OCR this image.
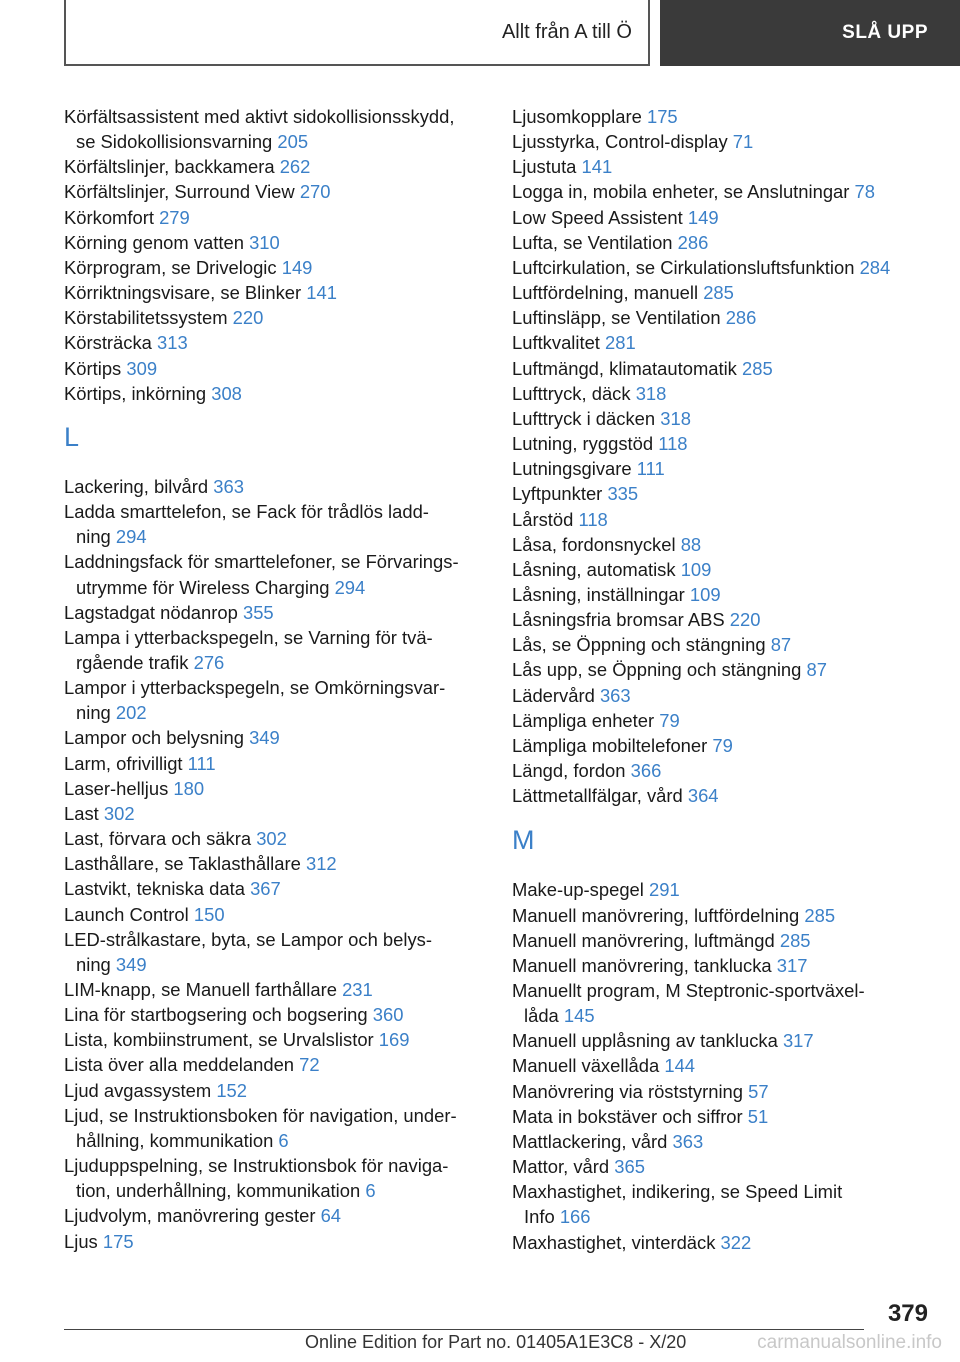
Allt från A till Ö	SLÅ UPP
Körfältsassistent med aktivt sidokollisionsskydd,
se Sidokollisionsvarning 205
Körfältslinjer, backkamera 262
Körfältslinjer, Surround View 270
Körkomfort 279
Körning genom vatten 310
Körprogram, se Drivelogic 149
Körriktningsvisare, se Blinker 141
Körstabilitetssystem 220
Körsträcka 313
Körtips 309
Körtips, inkörning 308
L
Lackering, bilvård 363
Ladda smarttelefon, se Fack för trådlös ladd-
ning 294
Laddningsfack för smarttelefoner, se Förvarings-
utrymme för Wireless Charging 294
Lagstadgat nödanrop 355
Lampa i ytterbackspegeln, se Varning för tvä-
rgående trafik 276
Lampor i ytterbackspegeln, se Omkörningsvar-
ning 202
Lampor och belysning 349
Larm, ofrivilligt 111
Laser-helljus 180
Last 302
Last, förvara och säkra 302
Lasthållare, se Taklasthållare 312
Lastvikt, tekniska data 367
Launch Control 150
LED-strålkastare, byta, se Lampor och belys-
ning 349
LIM-knapp, se Manuell farthållare 231
Lina för startbogsering och bogsering 360
Lista, kombiinstrument, se Urvalslistor 169
Lista över alla meddelanden 72
Ljud avgassystem 152
Ljud, se Instruktionsboken för navigation, under-
hållning, kommunikation 6
Ljuduppspelning, se Instruktionsbok för naviga-
tion, underhållning, kommunikation 6
Ljudvolym, manövrering gester 64
Ljus 175
Ljusomkopplare 175
Ljusstyrka, Control-display 71
Ljustuta 141
Logga in, mobila enheter, se Anslutningar 78
Low Speed Assistent 149
Lufta, se Ventilation 286
Luftcirkulation, se Cirkulationsluftsfunktion 284
Luftfördelning, manuell 285
Luftinsläpp, se Ventilation 286
Luftkvalitet 281
Luftmängd, klimatautomatik 285
Lufttryck, däck 318
Lufttryck i däcken 318
Lutning, ryggstöd 118
Lutningsgivare 111
Lyftpunkter 335
Lårstöd 118
Låsa, fordonsnyckel 88
Låsning, automatisk 109
Låsning, inställningar 109
Låsningsfria bromsar ABS 220
Lås, se Öppning och stängning 87
Lås upp, se Öppning och stängning 87
Lädervård 363
Lämpliga enheter 79
Lämpliga mobiltelefoner 79
Längd, fordon 366
Lättmetallfälgar, vård 364
M
Make-up-spegel 291
Manuell manövrering, luftfördelning 285
Manuell manövrering, luftmängd 285
Manuell manövrering, tanklucka 317
Manuellt program, M Steptronic-sportväxel-
låda 145
Manuell upplåsning av tanklucka 317
Manuell växellåda 144
Manövrering via röststyrning 57
Mata in bokstäver och siffror 51
Mattlackering, vård 363
Mattor, vård 365
Maxhastighet, indikering, se Speed Limit
Info 166
Maxhastighet, vinterdäck 322
379
Online Edition for Part no. 01405A1E3C8 - X/20	carmanualsonline.info
